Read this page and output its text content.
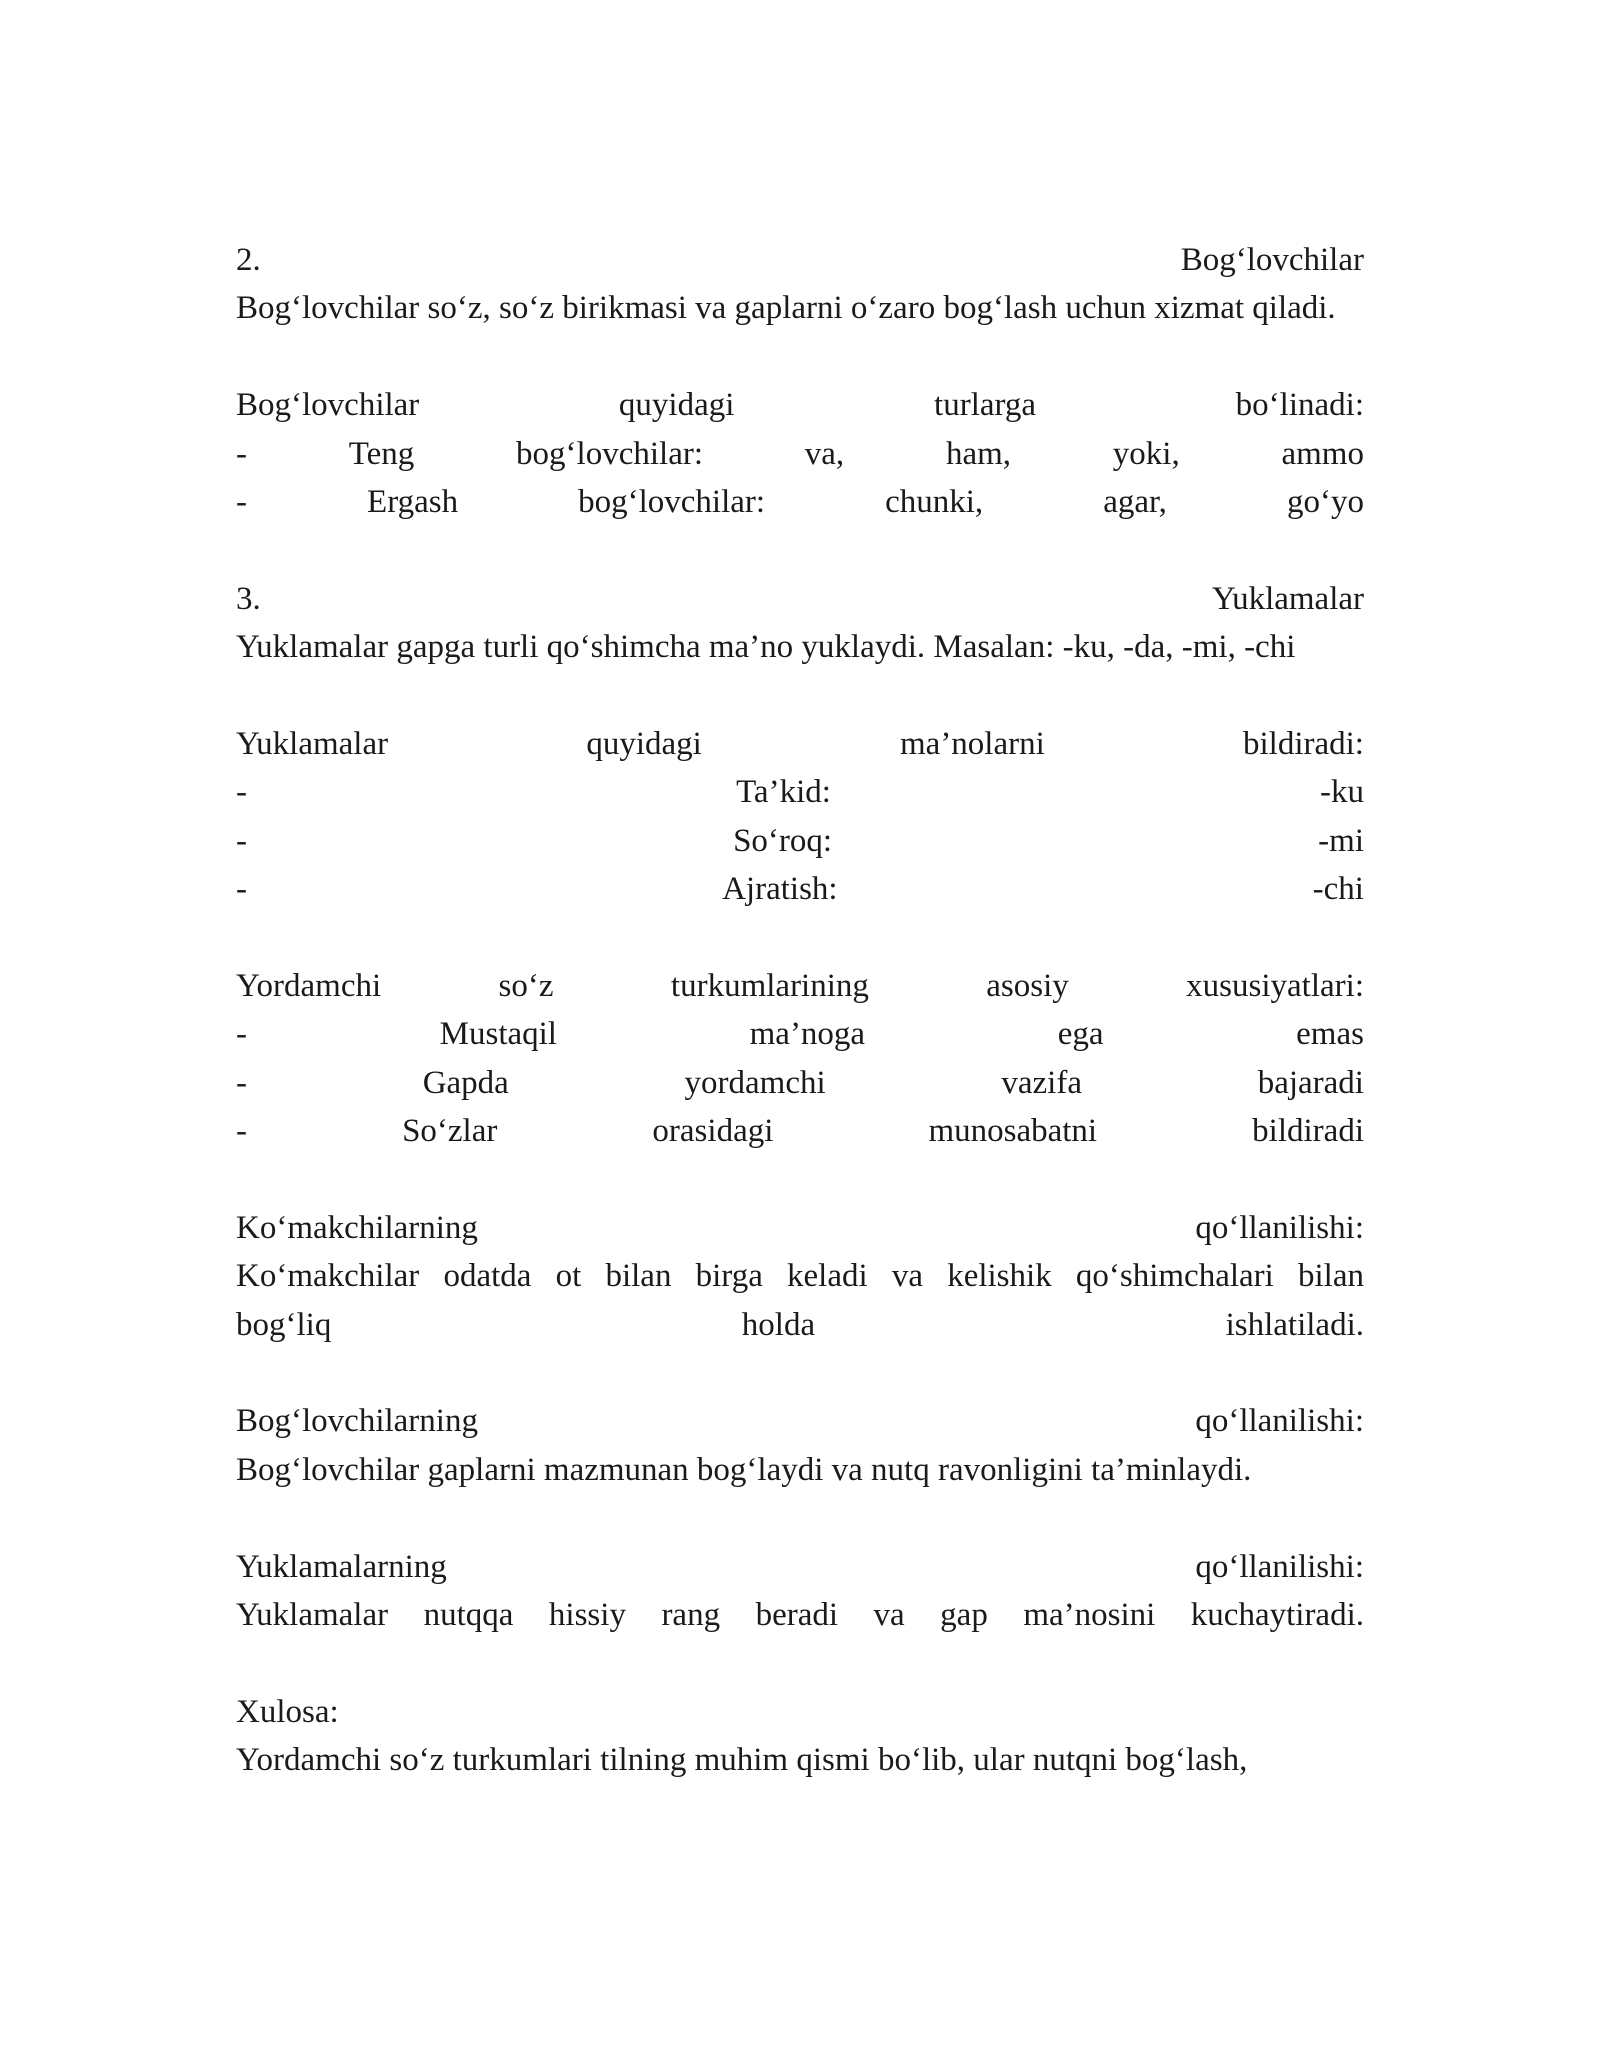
2.	Bog‘lovchilar

Bog‘lovchilar so‘z, so‘z birikmasi va gaplarni o‘zaro bog‘lash uchun xizmat qiladi.

Bog‘lovchilar	quyidagi	turlarga	bo‘linadi:
-	Teng	bog‘lovchilar:	va,	ham,	yoki,	ammo
-	Ergash	bog‘lovchilar:	chunki,	agar,	go‘yo
3.	Yuklamalar

Yuklamalar gapga turli qo‘shimcha ma’no yuklaydi. Masalan: -ku, -da, -mi, -chi

Yuklamalar	quyidagi	ma’nolarni	bildiradi:
-	Ta’kid:	-ku
-	So‘roq:	-mi
-	Ajratish:	-chi
Yordamchi	so‘z	turkumlarining	asosiy	xususiyatlari:
-	Mustaqil	ma’noga	ega	emas
-	Gapda	yordamchi	vazifa	bajaradi
-	So‘zlar	orasidagi	munosabatni	bildiradi
Ko‘makchilarning	qo‘llanilishi:

Ko‘makchilar odatda ot bilan birga keladi va kelishik qo‘shimchalari bilan

bog‘liq	holda	ishlatiladi.
Bog‘lovchilarning	qo‘llanilishi:

Bog‘lovchilar gaplarni mazmunan bog‘laydi va nutq ravonligini ta’minlaydi.

Yuklamalarning	qo‘llanilishi:

Yuklamalar nutqqa hissiy rang beradi va gap ma’nosini kuchaytiradi.

Xulosa:

Yordamchi so‘z turkumlari tilning muhim qismi bo‘lib, ular nutqni bog‘lash,
